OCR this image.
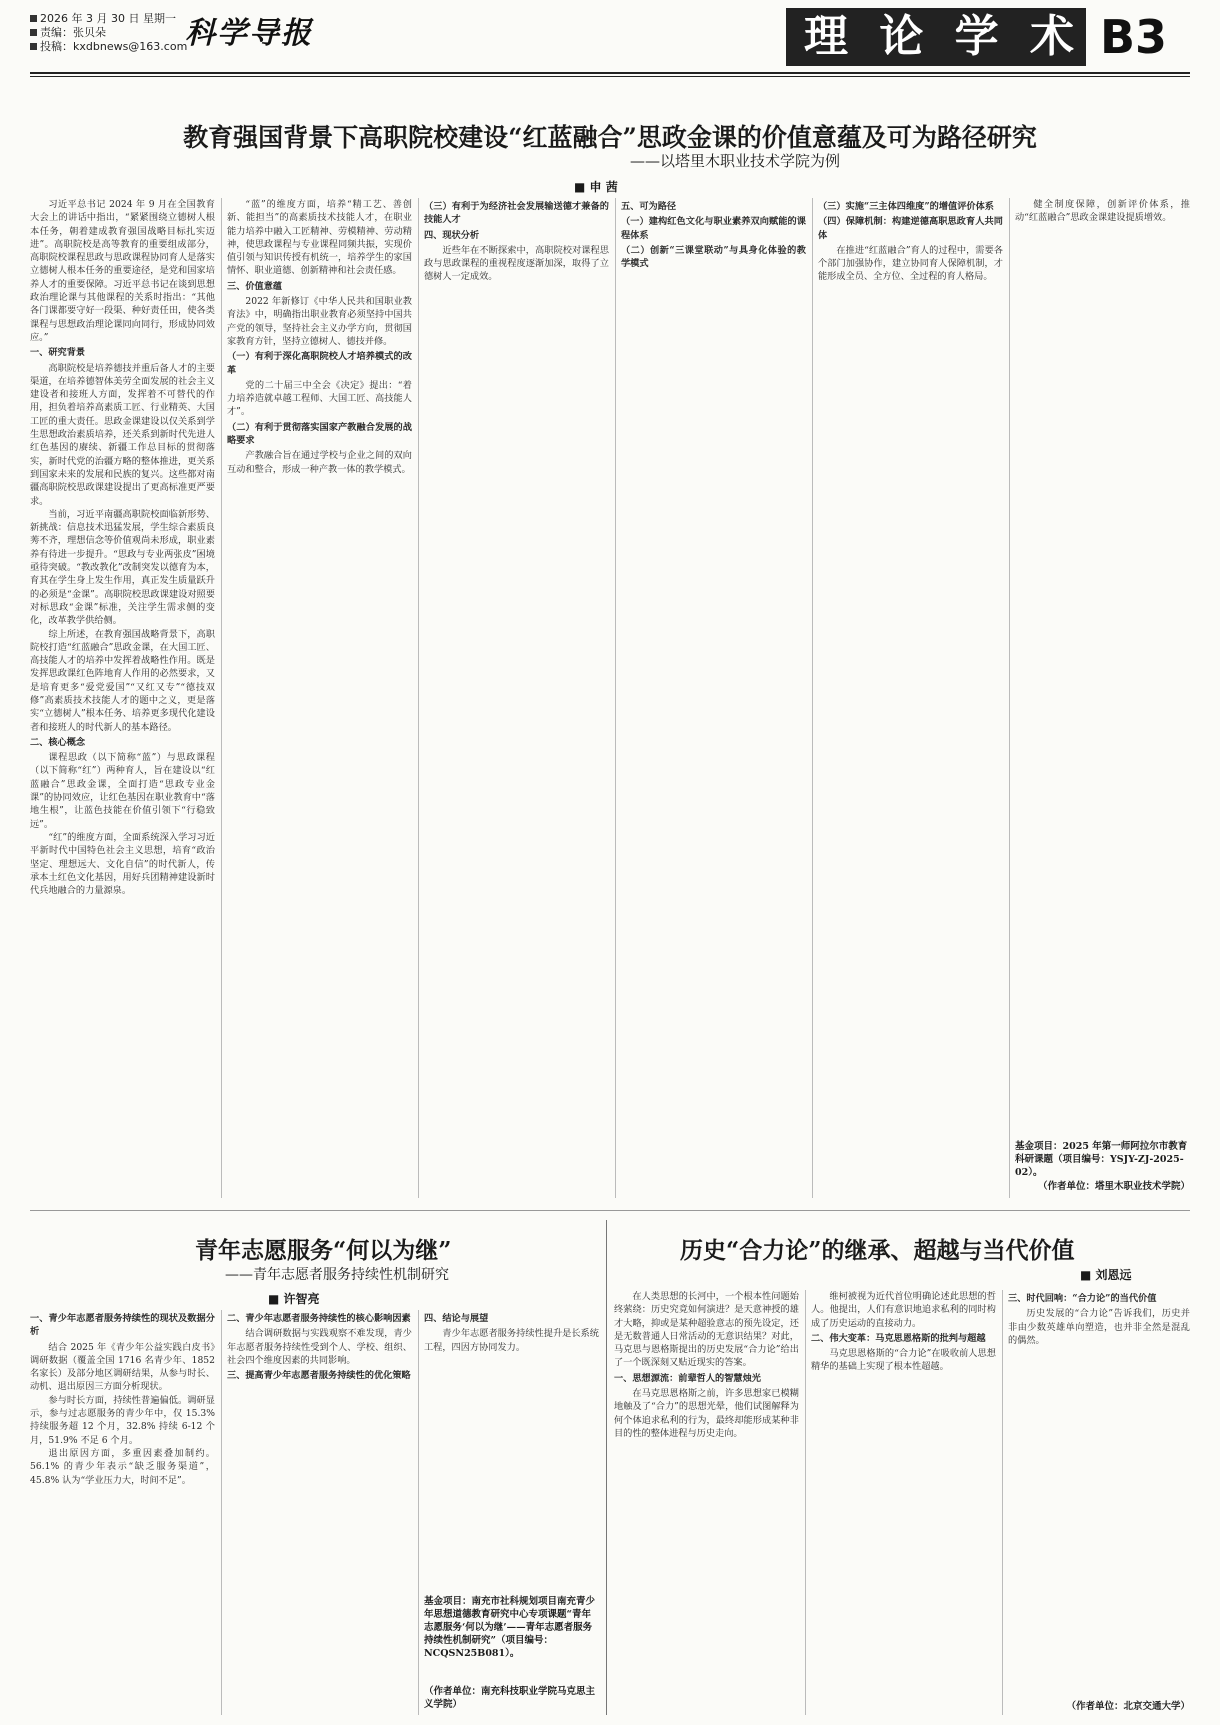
2026 年 3 月 30 日 星期一
责编：张贝朵
投稿：kxdbnews@163.com
科学导报	理 论 学 术 B3
教育强国背景下高职院校建设“红蓝融合”思政金课的价值意蕴及可为路径研究
——以塔里木职业技术学院为例
■ 申 茜

习近平总书记 2024 年 9 月在全国教育大会上的讲话中指出，“紧紧围绕立德树人根本任务，朝着建成教育强国战略目标扎实迈进”。高职院校是高等教育的重要组成部分，高职院校课程思政与思政课程协同育人是落实立德树人根本任务的重要途径，是党和国家培养人才的重要保障。习近平总书记在谈到思想政治理论课与其他课程的关系时指出：“其他各门课都要守好一段渠、种好责任田，使各类课程与思想政治理论课同向同行，形成协同效应。”

一、研究背景

高职院校是培养德技并重后备人才的主要渠道，在培养德智体美劳全面发展的社会主义建设者和接班人方面，发挥着不可替代的作用，担负着培养高素质工匠、行业精英、大国工匠的重大责任。思政金课建设以仅关系到学生思想政治素质培养，还关系到新时代先进人红色基因的赓续、新疆工作总目标的贯彻落实，新时代党的治疆方略的整体推进，更关系到国家未来的发展和民族的复兴。这些都对南疆高职院校思政课建设提出了更高标准更严要求。

当前，习近平南疆高职院校面临新形势、新挑战：信息技术迅猛发展，学生综合素质良莠不齐，理想信念等价值观尚未形成，职业素养有待进一步提升。“思政与专业两张皮”困境亟待突破。“教改教化”改制突发以德育为本，育其在学生身上发生作用，真正发生质量跃升的必须是“金课”。高职院校思政课建设对照要对标思政“金课”标准，关注学生需求侧的变化，改革教学供给侧。

综上所述，在教育强国战略背景下，高职院校打造“红蓝融合”思政金课，在大国工匠、高技能人才的培养中发挥着战略性作用。既是发挥思政课红色阵地育人作用的必然要求，又是培育更多“爱党爱国”“又红又专”“德技双修”高素质技术技能人才的题中之义，更是落实“立德树人”根本任务、培养更多现代化建设者和接班人的时代新人的基本路径。

二、核心概念

课程思政（以下简称“蓝”）与思政课程（以下简称“红”）两种育人，旨在建设以“红蓝融合”思政金课，全面打造“思政专业金课”的协同效应，让红色基因在职业教育中“落地生根”，让蓝色技能在价值引领下“行稳致远”。

“红”的维度方面，全面系统深入学习习近平新时代中国特色社会主义思想，培育“政治坚定、理想远大、文化自信”的时代新人，传承本土红色文化基因，用好兵团精神建设新时代兵地融合的力量源泉。

“蓝”的维度方面，培养“精工艺、善创新、能担当”的高素质技术技能人才，在职业能力培养中融入工匠精神、劳模精神、劳动精神，使思政课程与专业课程同频共振，实现价值引领与知识传授有机统一，培养学生的家国情怀、职业道德、创新精神和社会责任感。

三、价值意蕴

2022 年新修订《中华人民共和国职业教育法》中，明确指出职业教育必须坚持中国共产党的领导，坚持社会主义办学方向，贯彻国家教育方针，坚持立德树人、德技并修。

（一）有利于深化高职院校人才培养模式的改革

党的二十届三中全会《决定》提出：“着力培养造就卓越工程师、大国工匠、高技能人才”。

（二）有利于贯彻落实国家产教融合发展的战略要求

产教融合旨在通过学校与企业之间的双向互动和整合，形成一种产教一体的教学模式。

（三）有利于为经济社会发展输送德才兼备的技能人才

四、现状分析

近些年在不断探索中，高职院校对课程思政与思政课程的重视程度逐渐加深，取得了立德树人一定成效。

五、可为路径

（一）建构红色文化与职业素养双向赋能的课程体系

（二）创新“三课堂联动”与具身化体验的教学模式

（三）实施“三主体四维度”的增值评价体系

（四）保障机制：构建逆德高职思政育人共同体

在推进“红蓝融合”育人的过程中，需要各个部门加强协作，建立协同育人保障机制，才能形成全员、全方位、全过程的育人格局。

健全制度保障，创新评价体系，推动“红蓝融合”思政金课建设提质增效。

基金项目：2025 年第一师阿拉尔市教育科研课题（项目编号：YSJY-ZJ-2025-02）。
（作者单位：塔里木职业技术学院）
青年志愿服务“何以为继”
——青年志愿者服务持续性机制研究
■ 许智亮

一、青少年志愿者服务持续性的现状及数据分析

结合 2025 年《青少年公益实践白皮书》调研数据（覆盖全国 1716 名青少年、1852 名家长）及部分地区调研结果，从参与时长、动机、退出原因三方面分析现状。

参与时长方面，持续性普遍偏低。调研显示，参与过志愿服务的青少年中，仅 15.3% 持续服务超 12 个月，32.8% 持续 6-12 个月，51.9% 不足 6 个月。

退出原因方面，多重因素叠加制约。56.1% 的青少年表示“缺乏服务渠道”，45.8% 认为“学业压力大，时间不足”。

二、青少年志愿者服务持续性的核心影响因素

结合调研数据与实践观察不难发现，青少年志愿者服务持续性受到个人、学校、组织、社会四个维度因素的共同影响。

三、提高青少年志愿者服务持续性的优化策略

四、结论与展望

青少年志愿者服务持续性提升是长系统工程，四因方协同发力。

基金项目：南充市社科规划项目南充青少年思想道德教育研究中心专项课题“青年志愿服务‘何以为继’——青年志愿者服务持续性机制研究”（项目编号：NCQSN25B081）。
（作者单位：南充科技职业学院马克思主义学院）
历史“合力论”的继承、超越与当代价值
■ 刘恩远

在人类思想的长河中，一个根本性问题始终萦绕：历史究竟如何演进？是天意神授的雄才大略，抑或是某种超验意志的预先设定，还是无数普通人日常活动的无意识结果？对此，马克思与恩格斯提出的历史发展“合力论”给出了一个既深刻又贴近现实的答案。

一、思想源流：前辈哲人的智慧烛光

在马克思恩格斯之前，许多思想家已模糊地触及了“合力”的思想光晕，他们试图解释为何个体追求私利的行为，最终却能形成某种非目的性的整体进程与历史走向。

维柯被视为近代首位明确论述此思想的哲人。他提出，人们有意识地追求私利的同时构成了历史运动的直接动力。

二、伟大变革：马克思恩格斯的批判与超越

马克思恩格斯的“合力论”在吸收前人思想精华的基础上实现了根本性超越。

三、时代回响：“合力论”的当代价值

历史发展的“合力论”告诉我们，历史并非由少数英雄单向塑造，也并非全然是混乱的偶然。

（作者单位：北京交通大学）
